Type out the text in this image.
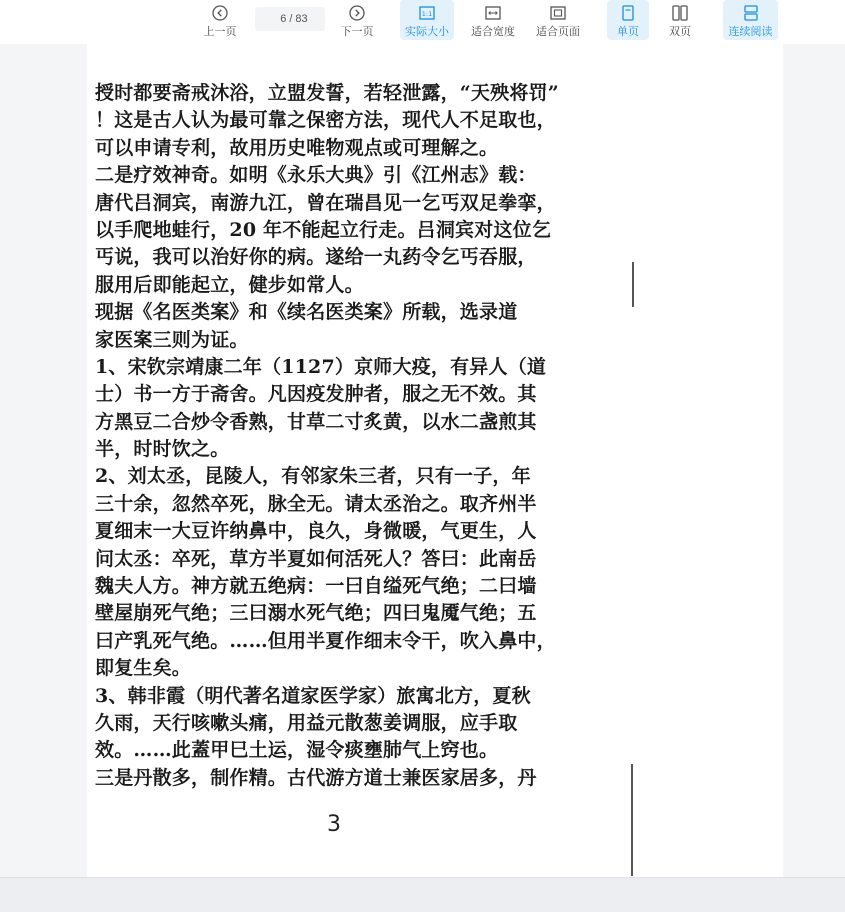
上一页
6
/ 83
下一页
1:1
实际大小 适合宽度 适合页面	单页	双页	连续阅读
授时都要斋戒沐浴，立盟发誓，若轻泄露，“天殃将罚”
！这是古人认为最可靠之保密方法，现代人不足取也，
可以申请专利，故用历史唯物观点或可理解之。
二是疗效神奇。如明《永乐大典》引《江州志》载：
唐代吕洞宾，南游九江，曾在瑞昌见一乞丐双足拳挛，
以手爬地蛙行，20 年不能起立行走。吕洞宾对这位乞
丐说，我可以治好你的病。遂给一丸药令乞丐吞服，
服用后即能起立，健步如常人。
现据《名医类案》和《续名医类案》所载，选录道
家医案三则为证。
1、宋钦宗靖康二年（1127）京师大疫，有异人（道
士）书一方于斋舍。凡因疫发肿者，服之无不效。其
方黑豆二合炒令香熟，甘草二寸炙黄，以水二盏煎其
半，时时饮之。
2、刘太丞，昆陵人，有邻家朱三者，只有一子，年
三十余，忽然卒死，脉全无。请太丞治之。取齐州半
夏细末一大豆许纳鼻中，良久，身微暖，气更生，人
问太丞：卒死，草方半夏如何活死人？答曰：此南岳
魏夫人方。神方就五绝病：一曰自缢死气绝；二曰墙
壁屋崩死气绝；三曰溺水死气绝；四曰鬼魇气绝；五
曰产乳死气绝。……但用半夏作细末令干，吹入鼻中，
即复生矣。
3、韩非霞（明代著名道家医学家）旅寓北方，夏秋
久雨，天行咳嗽头痛，用益元散葱姜调服，应手取
效。……此蓋甲巳土运，湿令痰壅肺气上窍也。
三是丹散多，制作精。古代游方道士兼医家居多，丹
3
